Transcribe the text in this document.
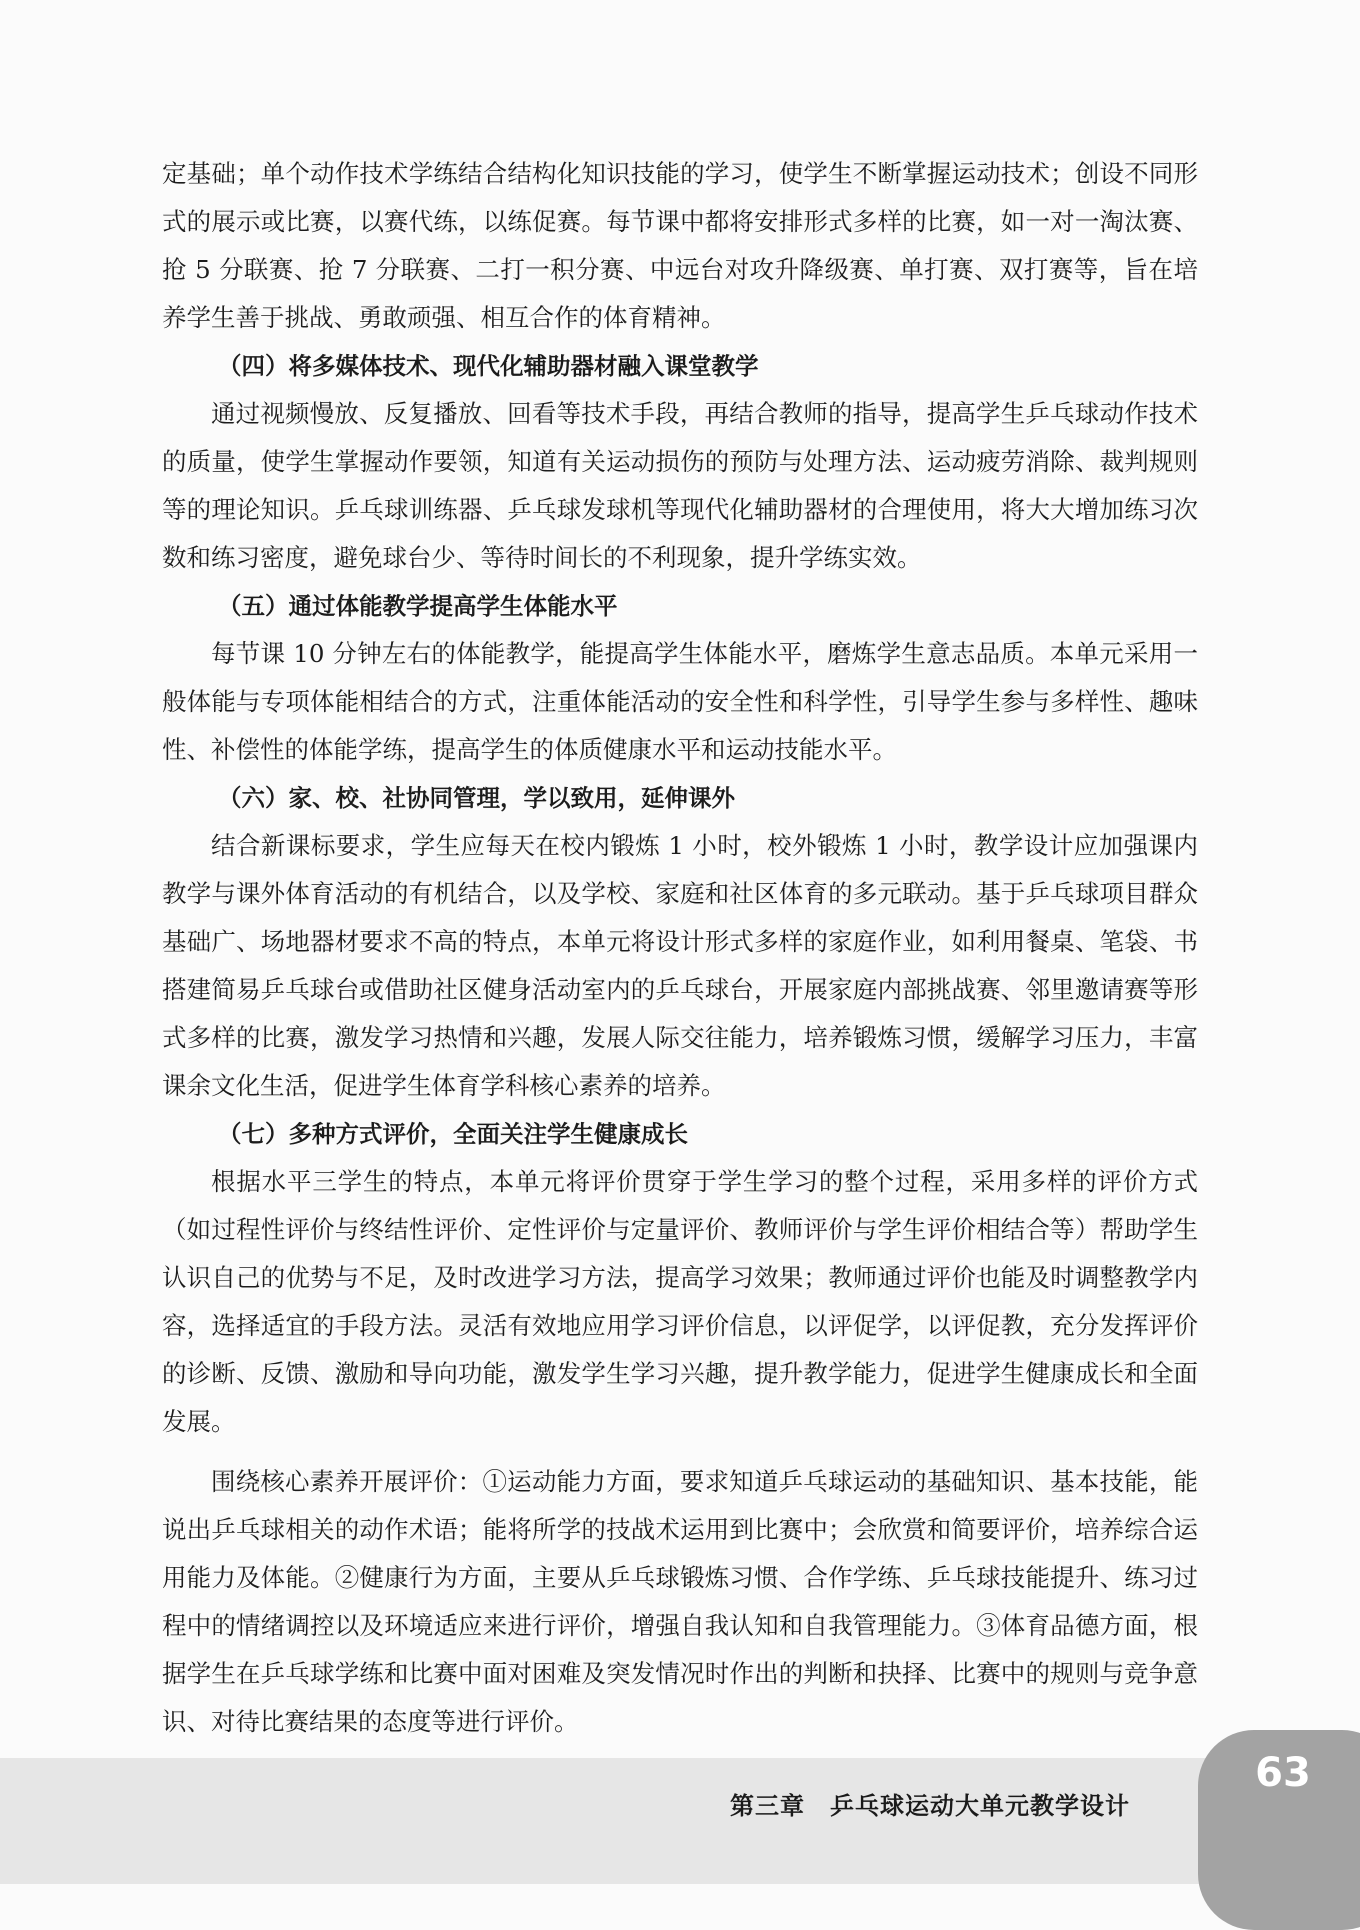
定基础；单个动作技术学练结合结构化知识技能的学习，使学生不断掌握运动技术；创设不同形式的展示或比赛，以赛代练，以练促赛。每节课中都将安排形式多样的比赛，如一对一淘汰赛、抢 5 分联赛、抢 7 分联赛、二打一积分赛、中远台对攻升降级赛、单打赛、双打赛等，旨在培养学生善于挑战、勇敢顽强、相互合作的体育精神。

（四）将多媒体技术、现代化辅助器材融入课堂教学

通过视频慢放、反复播放、回看等技术手段，再结合教师的指导，提高学生乒乓球动作技术的质量，使学生掌握动作要领，知道有关运动损伤的预防与处理方法、运动疲劳消除、裁判规则等的理论知识。乒乓球训练器、乒乓球发球机等现代化辅助器材的合理使用，将大大增加练习次数和练习密度，避免球台少、等待时间长的不利现象，提升学练实效。

（五）通过体能教学提高学生体能水平

每节课 10 分钟左右的体能教学，能提高学生体能水平，磨炼学生意志品质。本单元采用一般体能与专项体能相结合的方式，注重体能活动的安全性和科学性，引导学生参与多样性、趣味性、补偿性的体能学练，提高学生的体质健康水平和运动技能水平。

（六）家、校、社协同管理，学以致用，延伸课外

结合新课标要求，学生应每天在校内锻炼 1 小时，校外锻炼 1 小时，教学设计应加强课内教学与课外体育活动的有机结合，以及学校、家庭和社区体育的多元联动。基于乒乓球项目群众基础广、场地器材要求不高的特点，本单元将设计形式多样的家庭作业，如利用餐桌、笔袋、书搭建简易乒乓球台或借助社区健身活动室内的乒乓球台，开展家庭内部挑战赛、邻里邀请赛等形式多样的比赛，激发学习热情和兴趣，发展人际交往能力，培养锻炼习惯，缓解学习压力，丰富课余文化生活，促进学生体育学科核心素养的培养。

（七）多种方式评价，全面关注学生健康成长

根据水平三学生的特点，本单元将评价贯穿于学生学习的整个过程，采用多样的评价方式（如过程性评价与终结性评价、定性评价与定量评价、教师评价与学生评价相结合等）帮助学生认识自己的优势与不足，及时改进学习方法，提高学习效果；教师通过评价也能及时调整教学内容，选择适宜的手段方法。灵活有效地应用学习评价信息，以评促学，以评促教，充分发挥评价的诊断、反馈、激励和导向功能，激发学生学习兴趣，提升教学能力，促进学生健康成长和全面发展。

围绕核心素养开展评价：①运动能力方面，要求知道乒乓球运动的基础知识、基本技能，能说出乒乓球相关的动作术语；能将所学的技战术运用到比赛中；会欣赏和简要评价，培养综合运用能力及体能。②健康行为方面，主要从乒乓球锻炼习惯、合作学练、乒乓球技能提升、练习过程中的情绪调控以及环境适应来进行评价，增强自我认知和自我管理能力。③体育品德方面，根据学生在乒乓球学练和比赛中面对困难及突发情况时作出的判断和抉择、比赛中的规则与竞争意识、对待比赛结果的态度等进行评价。

第三章　乒乓球运动大单元教学设计
63
